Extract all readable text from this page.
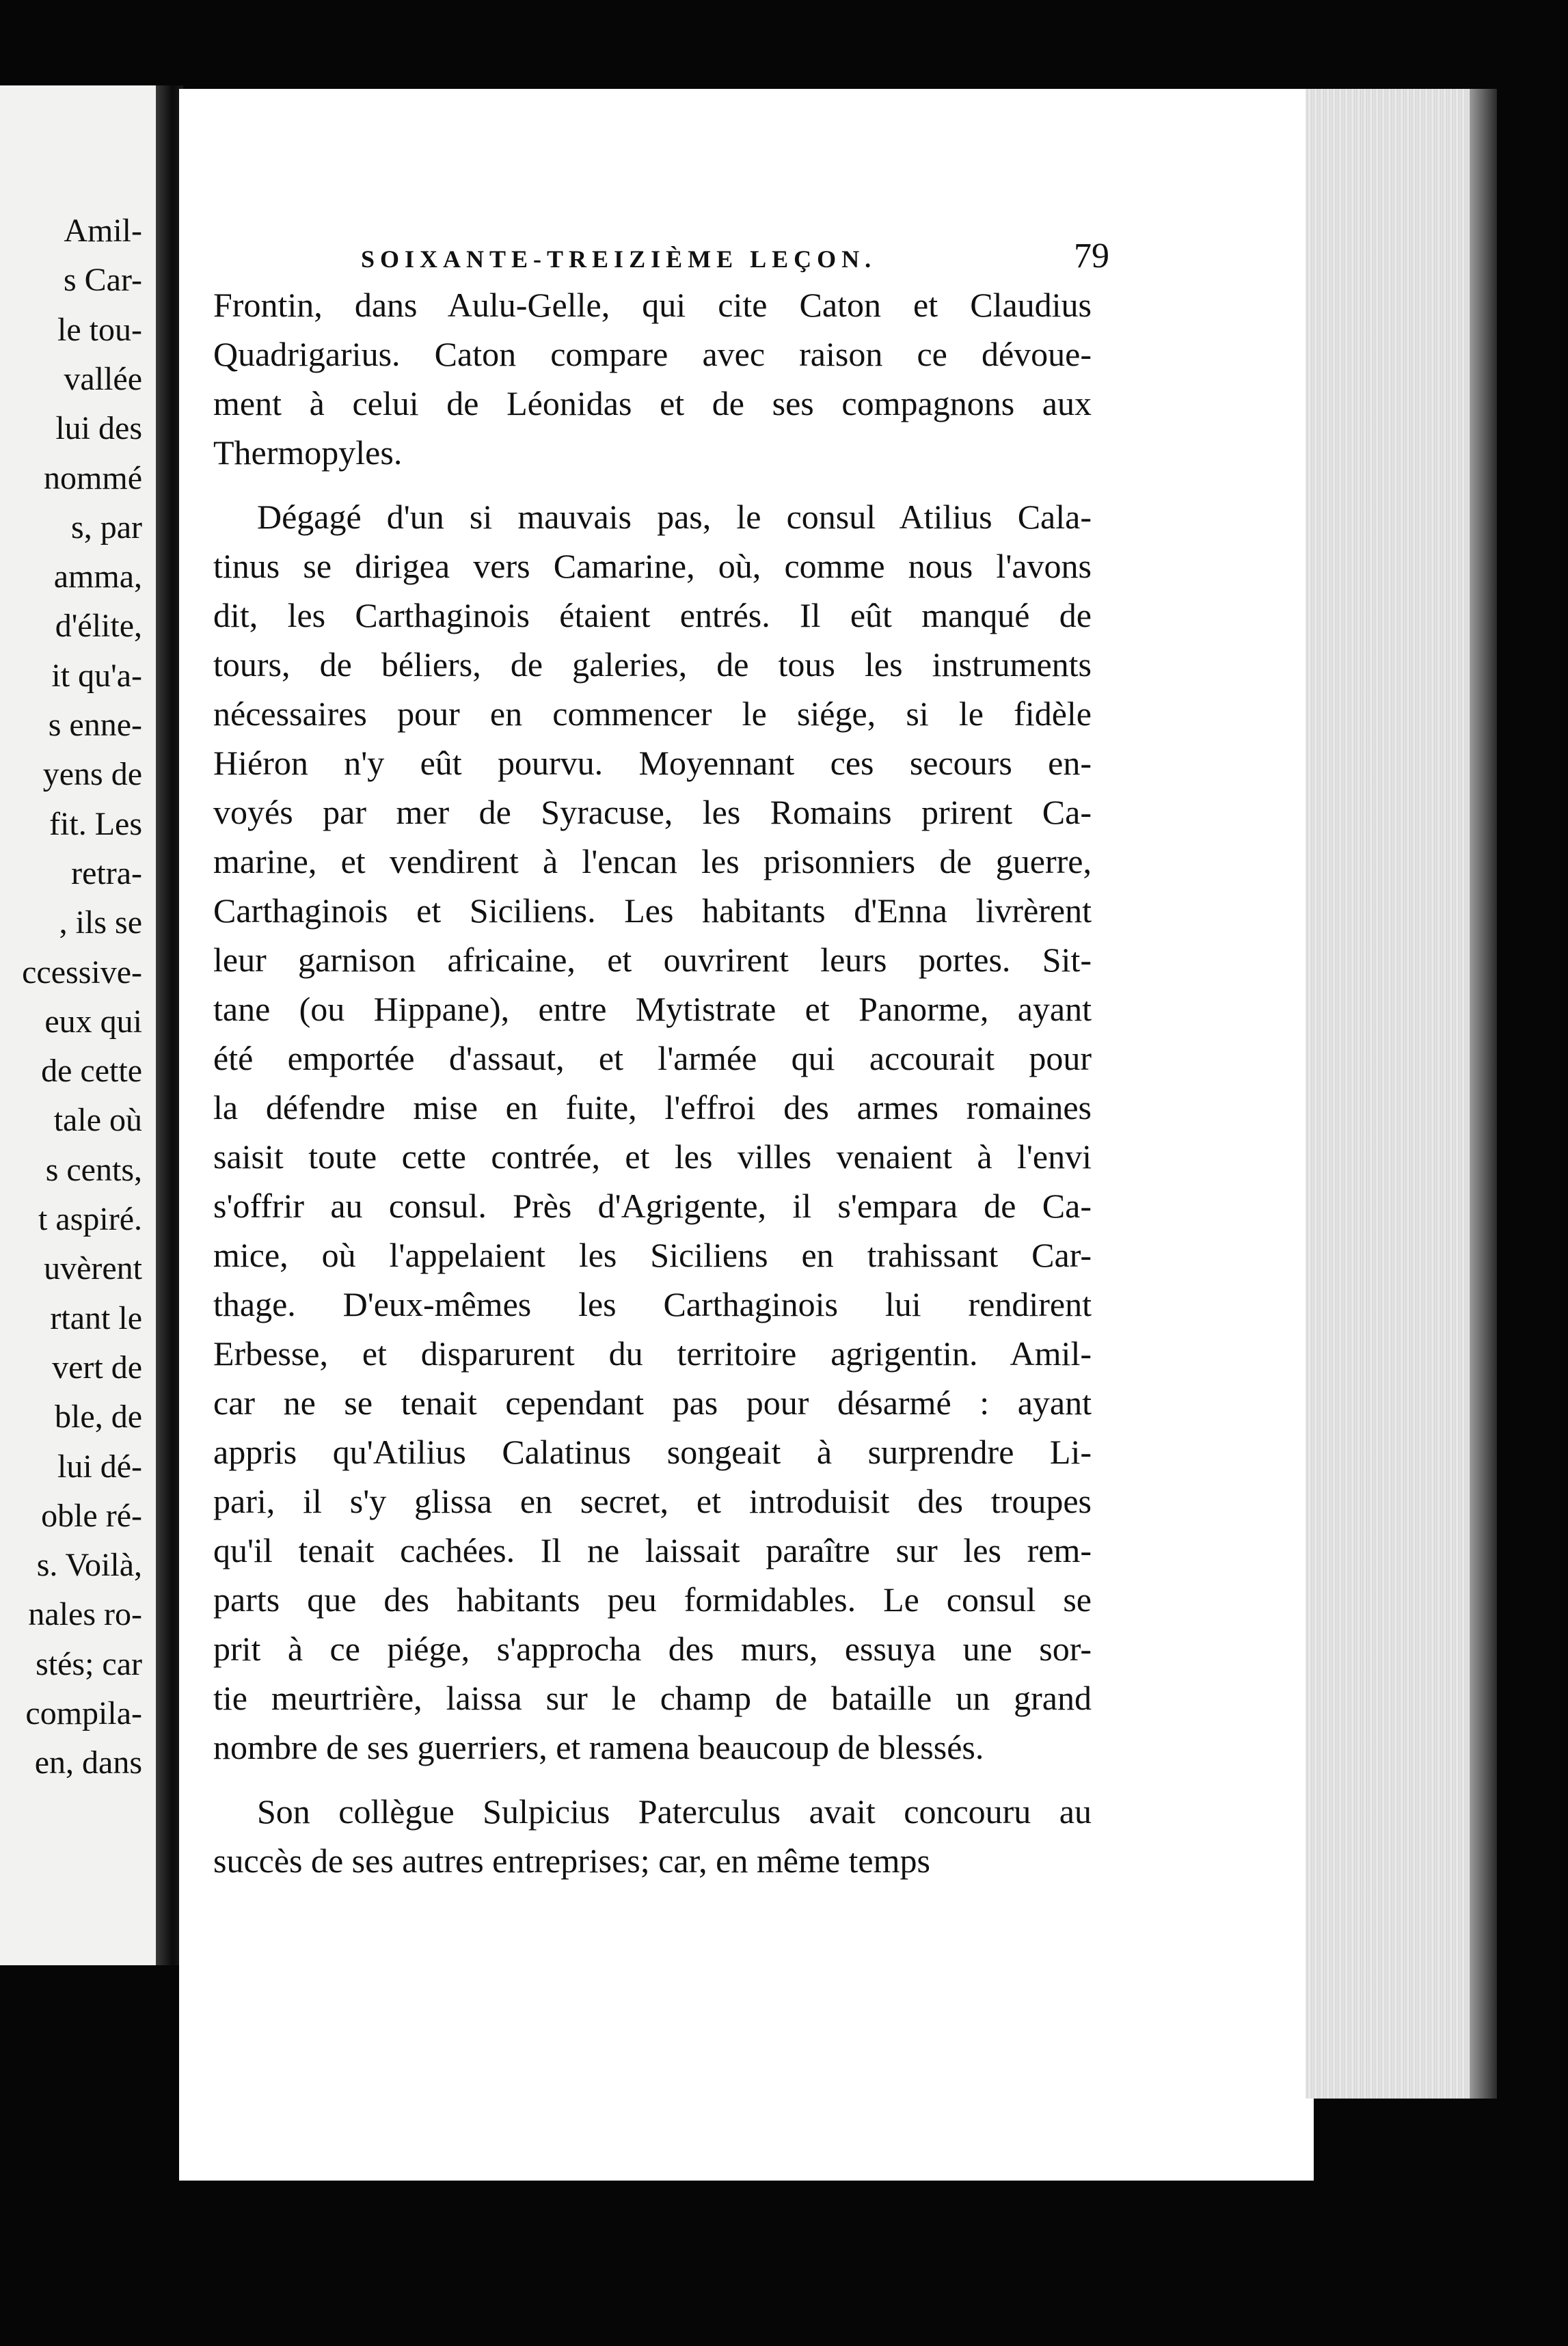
Amil-
s Car-
le tou-
vallée
lui des
nommé
s, par
amma,
d'élite,
it qu'a-
s enne-
yens de
fit. Les
retra-
, ils se
ccessive-
eux qui
de cette
tale où
s cents,
t aspiré.
uvèrent
rtant le
vert de
ble, de
lui dé-
oble ré-
s. Voilà,
nales ro-
stés; car
compila-
en, dans
SOIXANTE-TREIZIÈME LEÇON.	79
Frontin, dans Aulu-Gelle, qui cite Caton et Claudius
Quadrigarius. Caton compare avec raison ce dévoue-
ment à celui de Léonidas et de ses compagnons aux
Thermopyles.
Dégagé d'un si mauvais pas, le consul Atilius Cala-
tinus se dirigea vers Camarine, où, comme nous l'avons
dit, les Carthaginois étaient entrés. Il eût manqué de
tours, de béliers, de galeries, de tous les instruments
nécessaires pour en commencer le siége, si le fidèle
Hiéron n'y eût pourvu. Moyennant ces secours en-
voyés par mer de Syracuse, les Romains prirent Ca-
marine, et vendirent à l'encan les prisonniers de guerre,
Carthaginois et Siciliens. Les habitants d'Enna livrèrent
leur garnison africaine, et ouvrirent leurs portes. Sit-
tane (ou Hippane), entre Mytistrate et Panorme, ayant
été emportée d'assaut, et l'armée qui accourait pour
la défendre mise en fuite, l'effroi des armes romaines
saisit toute cette contrée, et les villes venaient à l'envi
s'offrir au consul. Près d'Agrigente, il s'empara de Ca-
mice, où l'appelaient les Siciliens en trahissant Car-
thage. D'eux-mêmes les Carthaginois lui rendirent
Erbesse, et disparurent du territoire agrigentin. Amil-
car ne se tenait cependant pas pour désarmé : ayant
appris qu'Atilius Calatinus songeait à surprendre Li-
pari, il s'y glissa en secret, et introduisit des troupes
qu'il tenait cachées. Il ne laissait paraître sur les rem-
parts que des habitants peu formidables. Le consul se
prit à ce piége, s'approcha des murs, essuya une sor-
tie meurtrière, laissa sur le champ de bataille un grand
nombre de ses guerriers, et ramena beaucoup de blessés.
Son collègue Sulpicius Paterculus avait concouru au
succès de ses autres entreprises; car, en même temps
